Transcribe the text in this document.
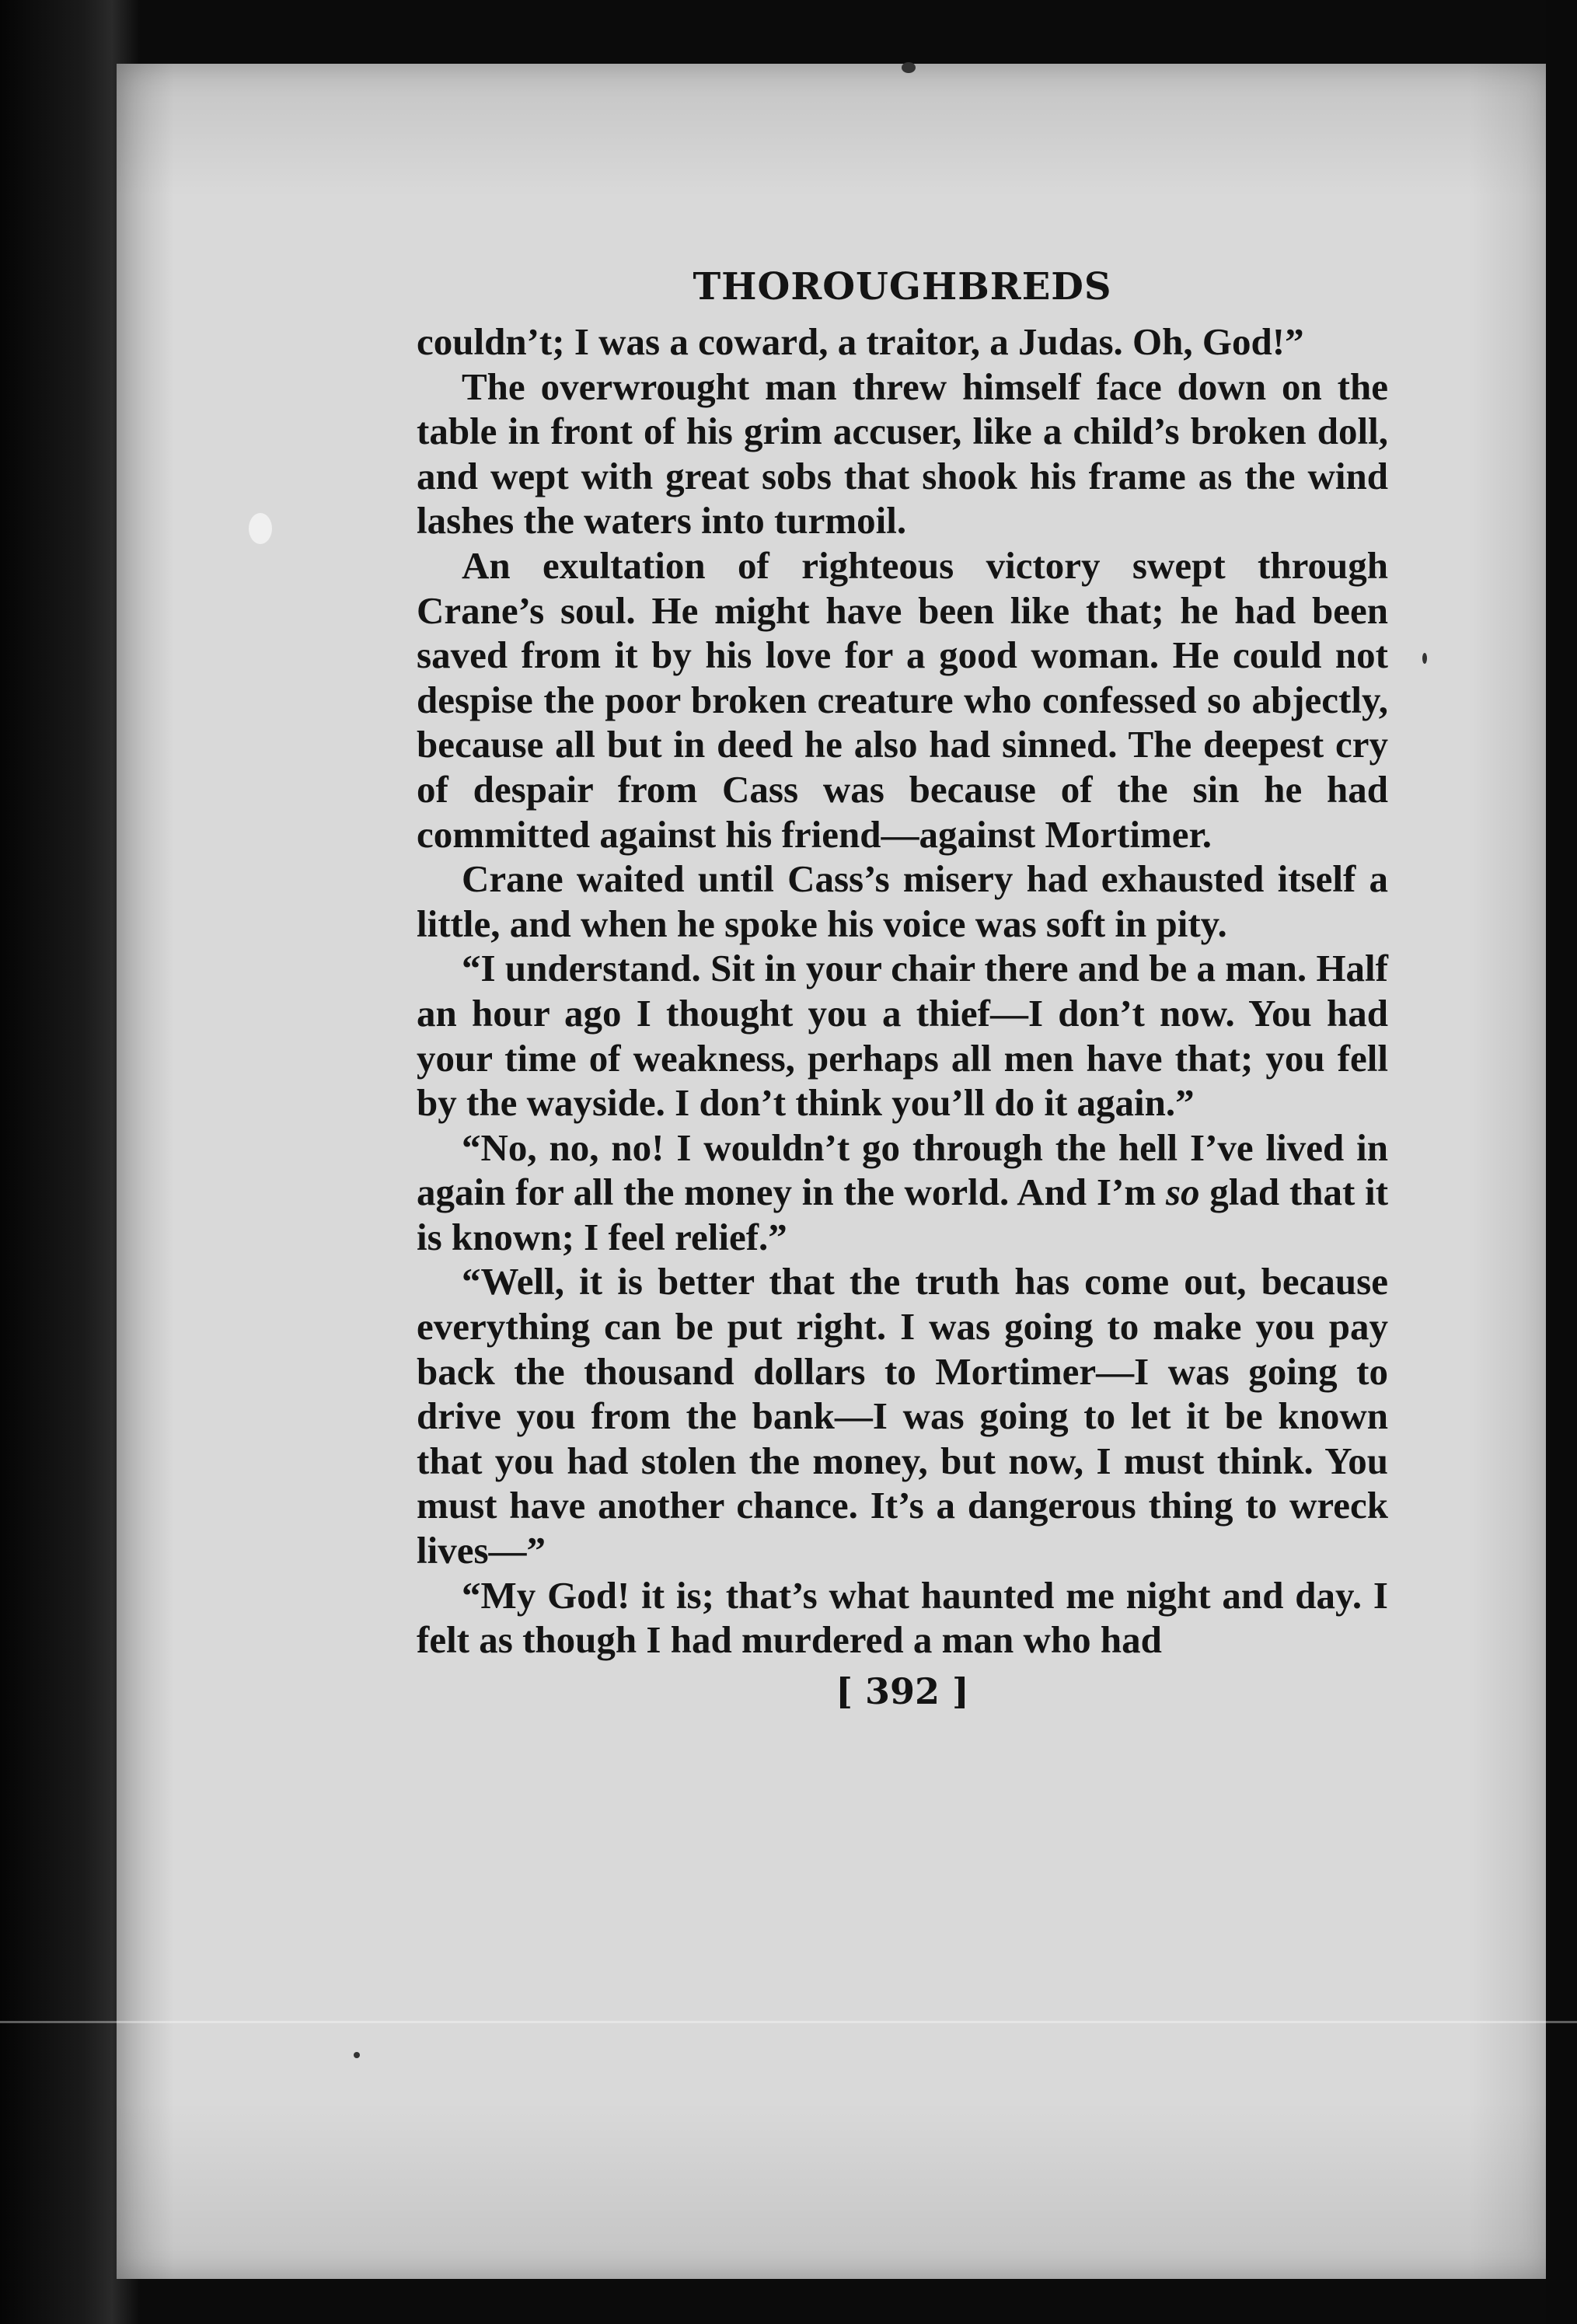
THOROUGHBREDS

couldn’t; I was a coward, a traitor, a Judas. Oh, God!”

The overwrought man threw himself face down on the table in front of his grim accuser, like a child’s broken doll, and wept with great sobs that shook his frame as the wind lashes the waters into turmoil.

An exultation of righteous victory swept through Crane’s soul. He might have been like that; he had been saved from it by his love for a good woman. He could not despise the poor broken creature who confessed so abjectly, because all but in deed he also had sinned. The deepest cry of despair from Cass was because of the sin he had committed against his friend—against Mortimer.

Crane waited until Cass’s misery had exhausted itself a little, and when he spoke his voice was soft in pity.

“I understand. Sit in your chair there and be a man. Half an hour ago I thought you a thief—I don’t now. You had your time of weakness, perhaps all men have that; you fell by the wayside. I don’t think you’ll do it again.”

“No, no, no! I wouldn’t go through the hell I’ve lived in again for all the money in the world. And I’m so glad that it is known; I feel relief.”

“Well, it is better that the truth has come out, because everything can be put right. I was going to make you pay back the thousand dollars to Mortimer—I was going to drive you from the bank—I was going to let it be known that you had stolen the money, but now, I must think. You must have another chance. It’s a dangerous thing to wreck lives—”

“My God! it is; that’s what haunted me night and day. I felt as though I had murdered a man who had

[ 392 ]
